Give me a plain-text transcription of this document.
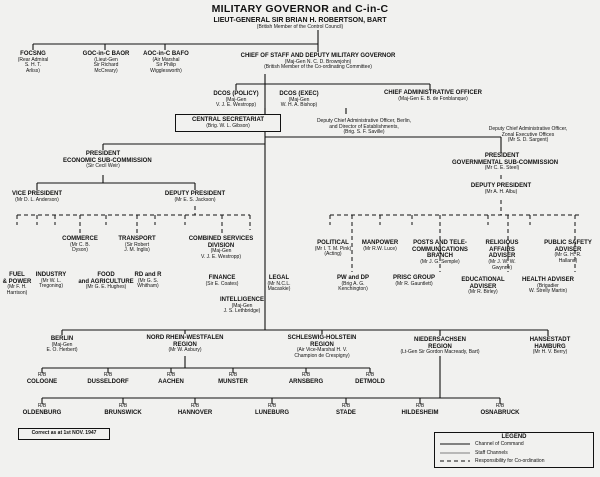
MILITARY GOVERNOR and C-in-C
LIEUT-GENERAL SIR BRIAN H. ROBERTSON, BART
(British Member of the Control Council)
FOCSNG
(Rear Admiral
S. H. T.
Arliss)
GOC-in-C BAOR
(Lieut-Gen
Sir Richard
McCreary)
AOC-in-C BAFO
(Air Marshal
Sir Philip
Wigglesworth)
CHIEF OF STAFF AND DEPUTY MILITARY GOVERNOR
(Maj-Gen N. C. D. Brownjohn)
(British Member of the Co-ordinating Committee)
DCOS (POLICY)
(Maj-Gen
V. J. E. Westropp)
DCOS (EXEC)
(Maj-Gen
W. H. A. Bishop)
CENTRAL SECRETARIAT
(Brig. W. L. Gibson)
CHIEF ADMINISTRATIVE OFFICER
(Maj-Gen E. B. de Fonblanque)
Deputy Chief Administrative Officer, Berlin,
and Director of Establishments,
(Brig. S. F. Saville)
Deputy Chief Administrative Officer,
Zonal Executive Offices
(Mr S. D. Sargent)
PRESIDENT
ECONOMIC SUB-COMMISSION
(Sir Cecil Weir)
VICE PRESIDENT
(Mr D. L. Anderson)
DEPUTY PRESIDENT
(Mr E. S. Jackson)
COMMERCE
(Mr C. B.
Dyson)
TRANSPORT
(Sir Robert
J. M. Inglis)
COMBINED SERVICES
DIVISION
(Maj-Gen
V. J. E. Westropp)
FUEL
& POWER
(Mr F. H.
Harrison)
INDUSTRY
(Mr W. L.
Tregoning)
FOOD
and AGRICULTURE
(Mr G. E. Hughes)
RD and R
(Mr G. S.
Whitham)
FINANCE
(Sir E. Coates)
LEGAL
(Mr N.C.L.
Macaskie)
INTELLIGENCE
(Maj-Gen
J. S. Lethbridge)
PRESIDENT
GOVERNMENTAL SUB-COMMISSION
(Mr C. E. Steel)
DEPUTY PRESIDENT
(Mr A. H. Albu)
POLITICAL
(Mr I. T. M. Pink)
(Acting)
MANPOWER
(Mr R.W. Luce)
POSTS AND TELE-
COMMUNICATIONS
BRANCH
(Mr J. G. Semple)
RELIGIOUS
AFFAIRS
ADVISER
(Mr J. W. W.
Gwynne)
PUBLIC SAFETY
ADVISER
(Mr G. H. R.
Halland)
PW and DP
(Brig A. G.
Kenchington)
PRISC GROUP
(Mr R. Gauntlett)
EDUCATIONAL
ADVISER
(Mr R. Birley)
HEALTH ADVISER
(Brigadier
W. Strelly Martin)
BERLIN
(Maj-Gen
E. O. Herbert)
NORD RHEIN-WESTFALEN
REGION
(Mr W. Asbury)
SCHLESWIG-HOLSTEIN
REGION
(Air Vice-Marshal H. V.
Champion de Crespigny)
NIEDERSACHSEN
REGION
(Lt-Gen Sir Gordon Macready, Bart)
HANSESTADT
HAMBURG
(Mr H. V. Berry)
R/B
COLOGNE
R/B
DUSSELDORF
R/B
AACHEN
R/B
MUNSTER
R/B
ARNSBERG
R/B
DETMOLD
R/B
OLDENBURG
R/B
BRUNSWICK
R/B
HANNOVER
R/B
LUNEBURG
R/B
STADE
R/B
HILDESHEIM
R/B
OSNABRUCK
Correct as at 1st NOV. 1947
LEGEND
Channel of Command
Staff Channels
Responsibility for Co-ordination
